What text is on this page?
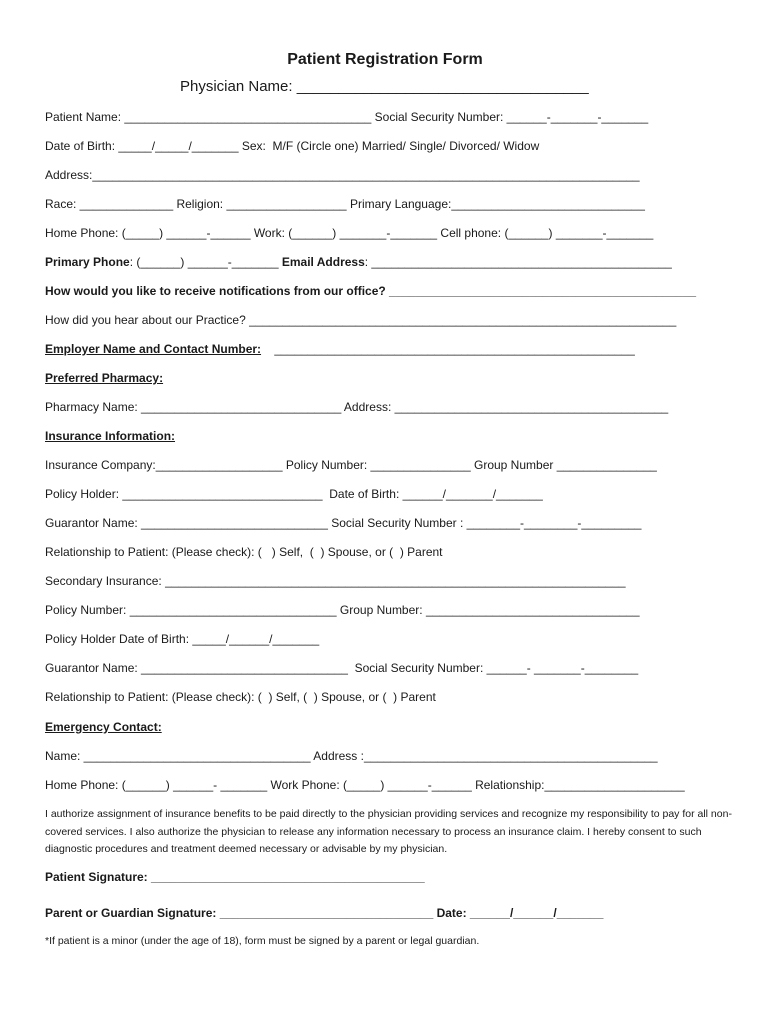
Patient Registration Form
Physician Name: ___________________________________
Patient Name: _____________________________________ Social Security Number: ______-_______-_______
Date of Birth: _____/_____/_______ Sex:  M/F (Circle one) Married/ Single/ Divorced/ Widow
Address:__________________________________________________________________________________
Race: ______________ Religion: __________________ Primary Language:_____________________________
Home Phone: (_____) ______-______ Work: (______) _______-_______ Cell phone: (______) _______-_______
Primary Phone: (______) ______-_______ Email Address: _____________________________________________
How would you like to receive notifications from our office? ______________________________________________
How did you hear about our Practice? ________________________________________________________________
Employer Name and Contact Number:    ______________________________________________________
Preferred Pharmacy:
Pharmacy Name: ______________________________ Address: _________________________________________
Insurance Information:
Insurance Company:___________________ Policy Number: _______________ Group Number _______________
Policy Holder: ______________________________  Date of Birth: ______/_______/_______
Guarantor Name: ____________________________ Social Security Number : ________-________-_________
Relationship to Patient: (Please check): (   ) Self,  (  ) Spouse, or (  ) Parent
Secondary Insurance: _____________________________________________________________________
Policy Number: _______________________________ Group Number: ________________________________
Policy Holder Date of Birth: _____/______/_______
Guarantor Name: _______________________________  Social Security Number: ______- _______-________
Relationship to Patient: (Please check): (  ) Self, (  ) Spouse, or (  ) Parent
Emergency Contact:
Name: __________________________________ Address :____________________________________________
Home Phone: (______) ______- _______ Work Phone: (_____) ______-______ Relationship:_____________________
I authorize assignment of insurance benefits to be paid directly to the physician providing services and recognize my responsibility to pay for all non-covered services. I also authorize the physician to release any information necessary to process an insurance claim. I hereby consent to such diagnostic procedures and treatment deemed necessary or advisable by my physician.
Patient Signature: _________________________________________
Parent or Guardian Signature: ________________________________ Date: ______/______/_______
*If patient is a minor (under the age of 18), form must be signed by a parent or legal guardian.
